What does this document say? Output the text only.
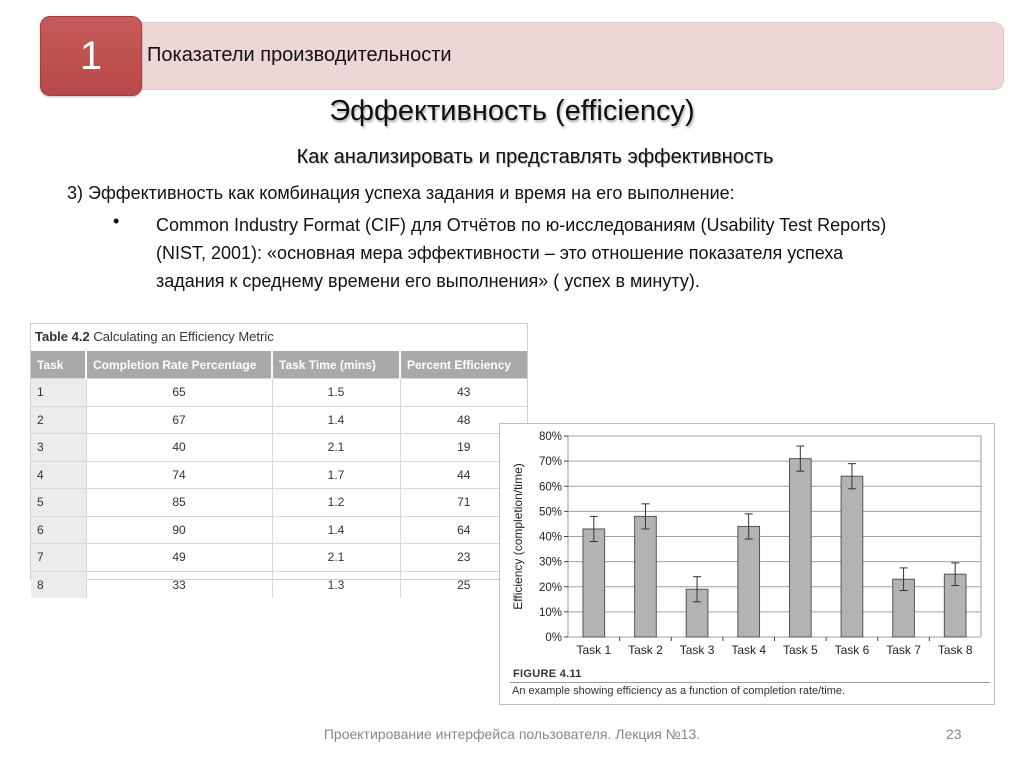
Показатели производительности
1
Эффективность (efficiency)
Как анализировать и представлять эффективность
3) Эффективность как комбинация успеха задания и время на его выполнение:
• Common Industry Format (CIF) для Отчётов по ю-исследованиям (Usability Test Reports) (NIST, 2001): «основная мера эффективности – это отношение показателя успеха задания к среднему времени его выполнения» ( успех в минуту).
Table 4.2 Calculating an Efficiency Metric
Task	Completion Rate Percentage	Task Time (mins)	Percent Efficiency
1	65	1.5	43
2	67	1.4	48
3	40	2.1	19
4	74	1.7	44
5	85	1.2	71
6	90	1.4	64
7	49	2.1	23
8	33	1.3	25
0%
10%
20%
30%
40%
50%
60%
70%
80%
Task 1 Task 2 Task 3 Task 4 Task 5 Task 6 Task 7 Task 8
Efficiency (completion/time)
FIGURE 4.11
An example showing efficiency as a function of completion rate/time.
Проектирование интерфейса пользователя. Лекция №13.	23
